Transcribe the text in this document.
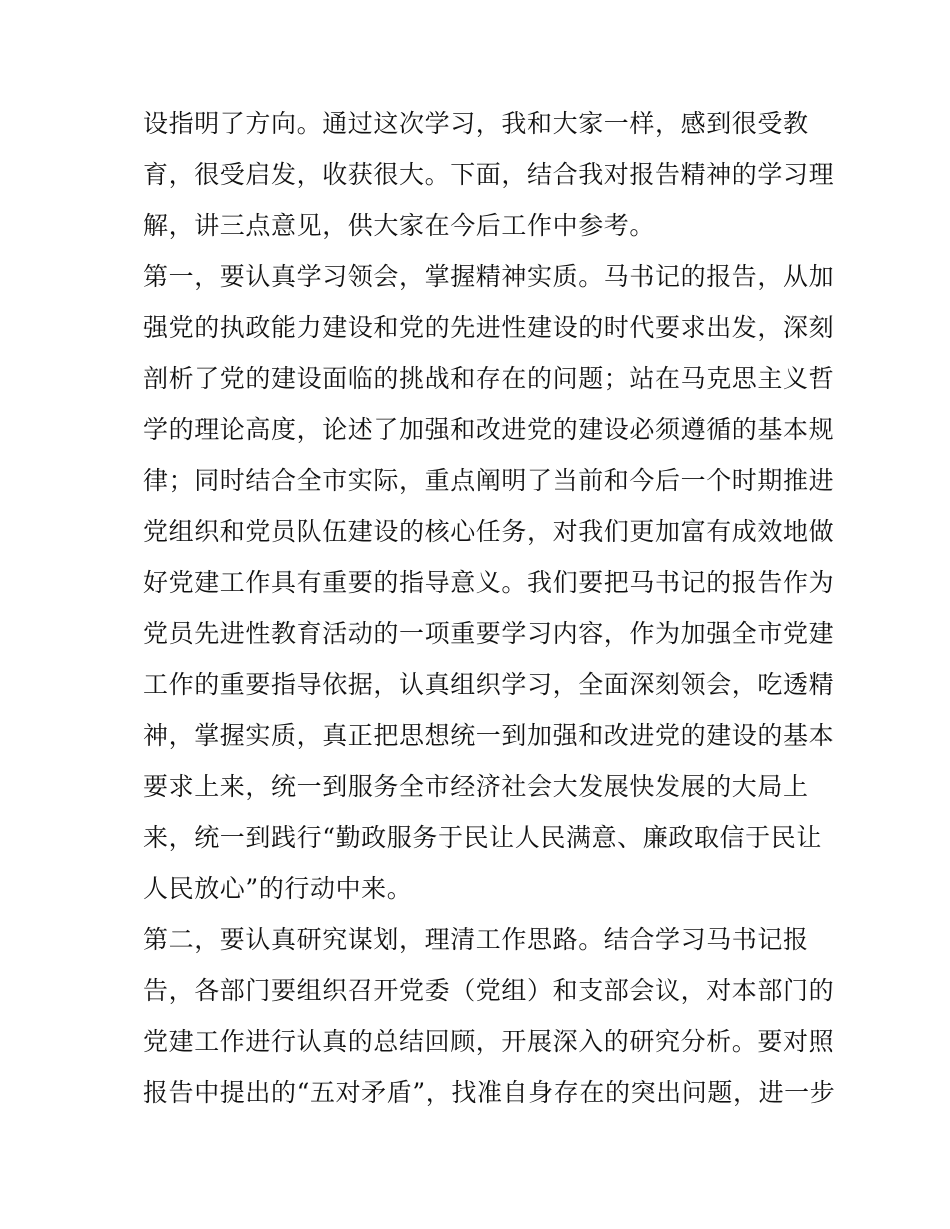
设指明了方向。通过这次学习，我和大家一样，感到很受教
育，很受启发，收获很大。下面，结合我对报告精神的学习理
解，讲三点意见，供大家在今后工作中参考。
第一，要认真学习领会，掌握精神实质。马书记的报告，从加
强党的执政能力建设和党的先进性建设的时代要求出发，深刻
剖析了党的建设面临的挑战和存在的问题；站在马克思主义哲
学的理论高度，论述了加强和改进党的建设必须遵循的基本规
律；同时结合全市实际，重点阐明了当前和今后一个时期推进
党组织和党员队伍建设的核心任务，对我们更加富有成效地做
好党建工作具有重要的指导意义。我们要把马书记的报告作为
党员先进性教育活动的一项重要学习内容，作为加强全市党建
工作的重要指导依据，认真组织学习，全面深刻领会，吃透精
神，掌握实质，真正把思想统一到加强和改进党的建设的基本
要求上来，统一到服务全市经济社会大发展快发展的大局上
来，统一到践行“勤政服务于民让人民满意、廉政取信于民让
人民放心”的行动中来。
第二，要认真研究谋划，理清工作思路。结合学习马书记报
告，各部门要组织召开党委（党组）和支部会议，对本部门的
党建工作进行认真的总结回顾，开展深入的研究分析。要对照
报告中提出的“五对矛盾”，找准自身存在的突出问题，进一步
